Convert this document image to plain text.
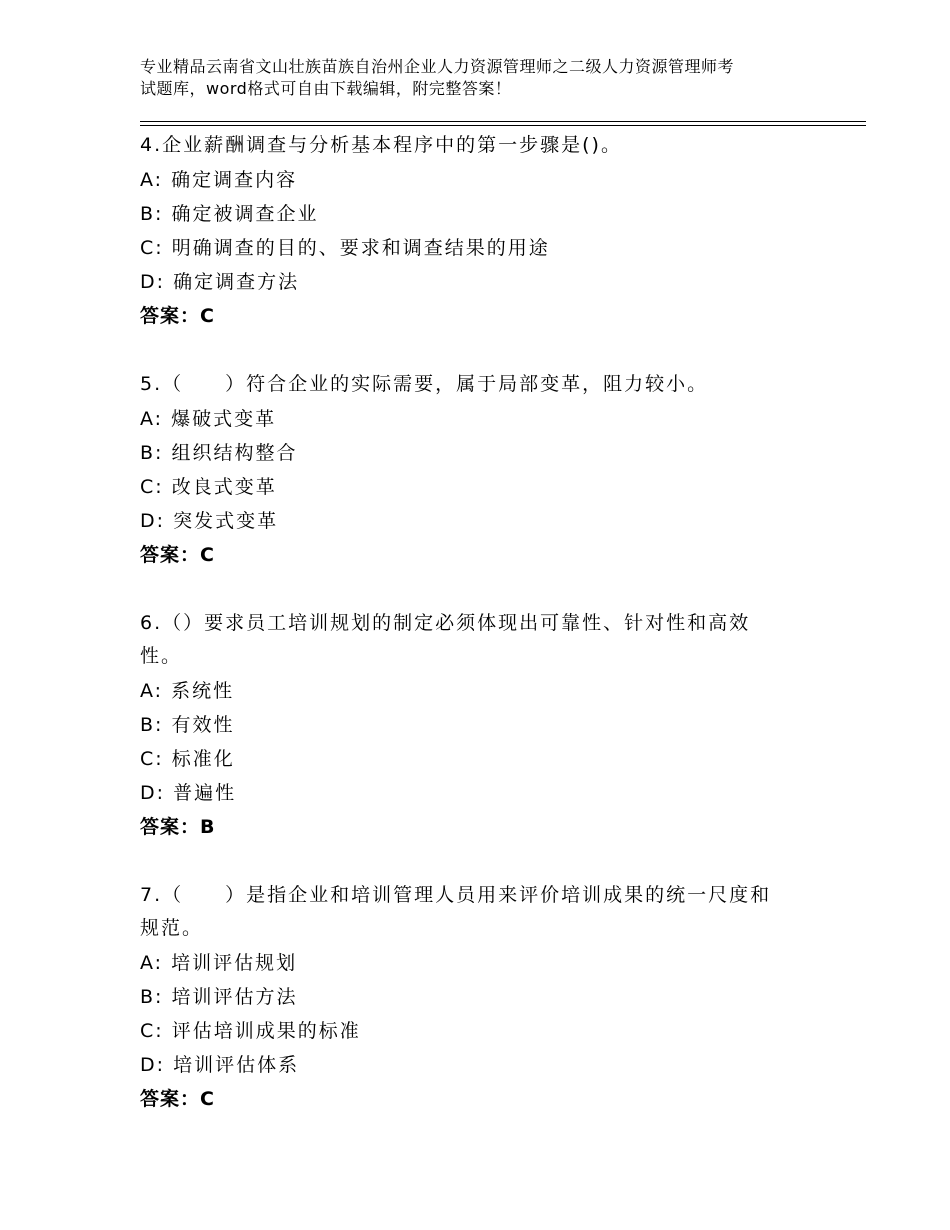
专业精品云南省文山壮族苗族自治州企业人力资源管理师之二级人力资源管理师考
试题库，word格式可自由下载编辑，附完整答案！
4.企业薪酬调查与分析基本程序中的第一步骤是()。
A: 确定调查内容
B: 确定被调查企业
C: 明确调查的目的、要求和调查结果的用途
D: 确定调查方法
答案：C
5.（　　）符合企业的实际需要，属于局部变革，阻力较小。
A: 爆破式变革
B: 组织结构整合
C: 改良式变革
D: 突发式变革
答案：C
6.（）要求员工培训规划的制定必须体现出可靠性、针对性和高效性。
A: 系统性
B: 有效性
C: 标准化
D: 普遍性
答案：B
7.（　　）是指企业和培训管理人员用来评价培训成果的统一尺度和规范。
A: 培训评估规划
B: 培训评估方法
C: 评估培训成果的标准
D: 培训评估体系
答案：C
